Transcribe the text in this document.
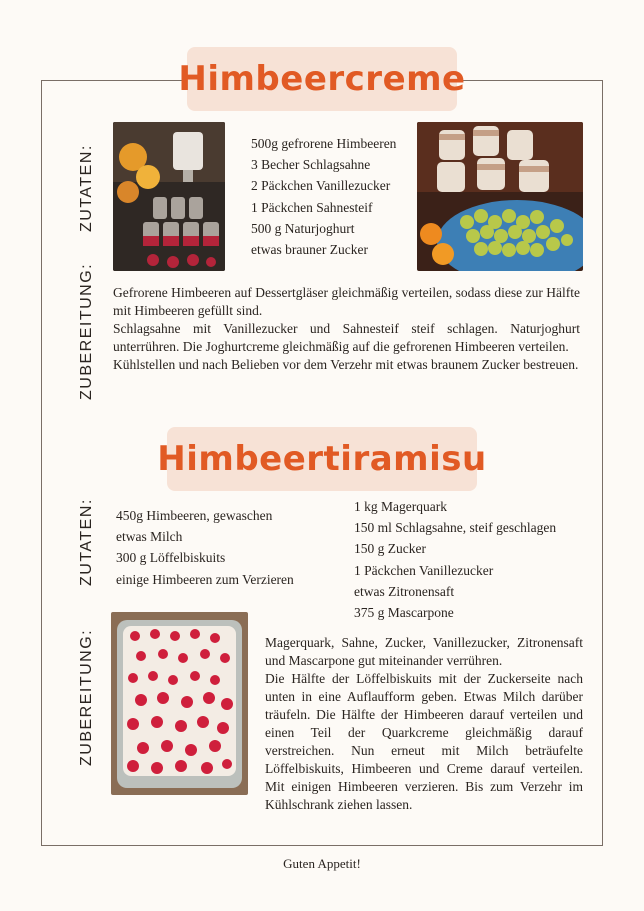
Himbeercreme
ZUTATEN:
ZUBEREITUNG:
500g gefrorene Himbeeren
3 Becher Schlagsahne
2 Päckchen Vanillezucker
1 Päckchen Sahnesteif
500 g Naturjoghurt
etwas brauner Zucker

Gefrorene Himbeeren auf Dessertgläser gleichmäßig verteilen, sodass diese zur Hälfte mit Himbeeren gefüllt sind.

Schlagsahne mit Vanillezucker und Sahnesteif steif schlagen. Naturjoghurt unterrühren. Die Joghurtcreme gleichmäßig auf die gefrorenen Himbeeren verteilen.

Kühlstellen und nach Belieben vor dem Verzehr mit etwas braunem Zucker bestreuen.

Himbeertiramisu
ZUTATEN:
ZUBEREITUNG:
450g Himbeeren, gewaschen
etwas Milch
300 g Löffelbiskuits
einige Himbeeren zum Verzieren
1 kg Magerquark
150 ml Schlagsahne, steif geschlagen
150 g Zucker
1 Päckchen Vanillezucker
etwas Zitronensaft
375 g Mascarpone

Magerquark, Sahne, Zucker, Vanillezucker, Zitronensaft und Mascarpone gut miteinander verrühren.

Die Hälfte der Löffelbiskuits mit der Zuckerseite nach unten in eine Auflaufform geben. Etwas Milch darüber träufeln. Die Hälfte der Himbeeren darauf verteilen und einen Teil der Quarkcreme gleichmäßig darauf verstreichen. Nun erneut mit Milch beträufelte Löffelbiskuits, Himbeeren und Creme darauf verteilen. Mit einigen Himbeeren verzieren. Bis zum Verzehr im Kühlschrank ziehen lassen.

Guten Appetit!
